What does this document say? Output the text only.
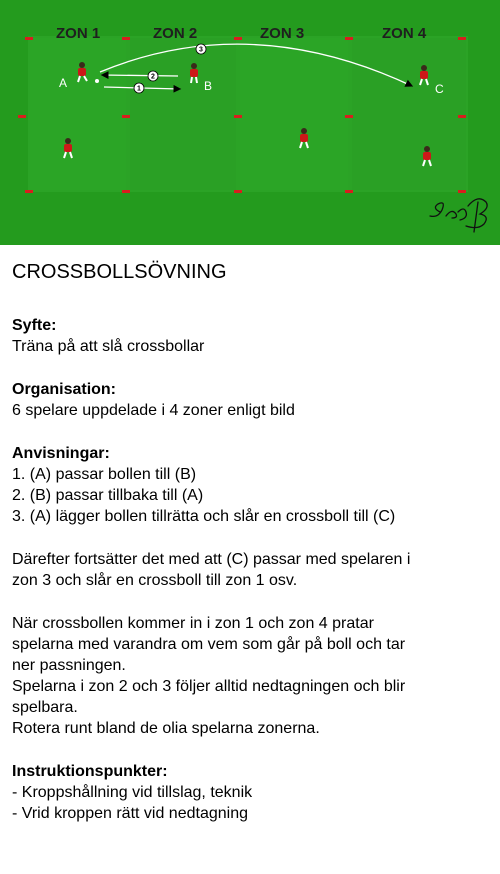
ZON 1	ZON 2	ZON 3	ZON 4
1
2
3
A	B	C
CROSSBOLLSÖVNING
Syfte:
Träna på att slå crossbollar
Organisation:
6 spelare uppdelade i 4 zoner enligt bild
Anvisningar:
1. (A) passar bollen till (B)
2. (B) passar tillbaka till (A)
3. (A) lägger bollen tillrätta och slår en crossboll till (C)
Därefter fortsätter det med att (C) passar med spelaren i
zon 3 och slår en crossboll till zon 1 osv.
När crossbollen kommer in i zon 1 och zon 4 pratar
spelarna med varandra om vem som går på boll och tar
ner passningen.
Spelarna i zon 2 och 3 följer alltid nedtagningen och blir
spelbara.
Rotera runt bland de olia spelarna zonerna.
Instruktionspunkter:
- Kroppshållning vid tillslag, teknik
- Vrid kroppen rätt vid nedtagning
